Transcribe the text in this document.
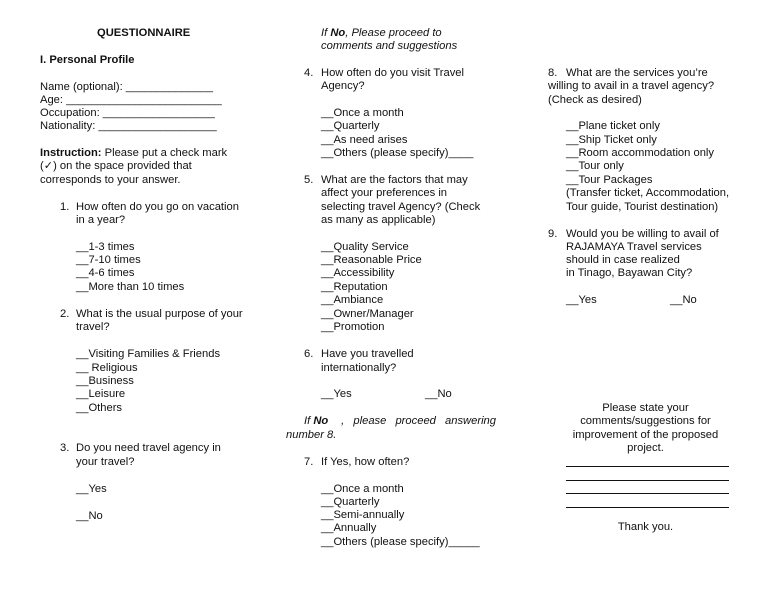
QUESTIONNAIRE
I. Personal Profile
Name (optional): ______________
Age: _________________________
Occupation: __________________
Nationality: ___________________
Instruction: Please put a check mark
(✓) on the space provided that
corresponds to your answer.
1. How often do you go on vacation
in a year?
__1-3 times
__7-10 times
__4-6 times
__More than 10 times
2. What is the usual purpose of your
travel?
__Visiting Families & Friends
__ Religious
__Business
__Leisure
__Others
3. Do you need travel agency in
your travel?
__Yes
__No
If No, Please proceed to
comments and suggestions
4. How often do you visit Travel
Agency?
__Once a month
__Quarterly
__As need arises
__Others (please specify)____
5. What are the factors that may
affect your preferences in
selecting travel Agency? (Check
as many as applicable)
__Quality Service
__Reasonable Price
__Accessibility
__Reputation
__Ambiance
__Owner/Manager
__Promotion
6. Have you travelled
internationally?
__Yes	__No
If No , please proceed answering
number 8.
7. If Yes, how often?
__Once a month
__Quarterly
__Semi-annually
__Annually
__Others (please specify)_____
8. What are the services you’re
willing to avail in a travel agency?
(Check as desired)
__Plane ticket only
__Ship Ticket only
__Room accommodation only
__Tour only
__Tour Packages
(Transfer ticket, Accommodation,
Tour guide, Tourist destination)
9. Would you be willing to avail of
RAJAMAYA Travel services
should in case realized
in Tinago, Bayawan City?
__Yes	__No
Please state your
comments/suggestions for
improvement of the proposed
project.
Thank you.
